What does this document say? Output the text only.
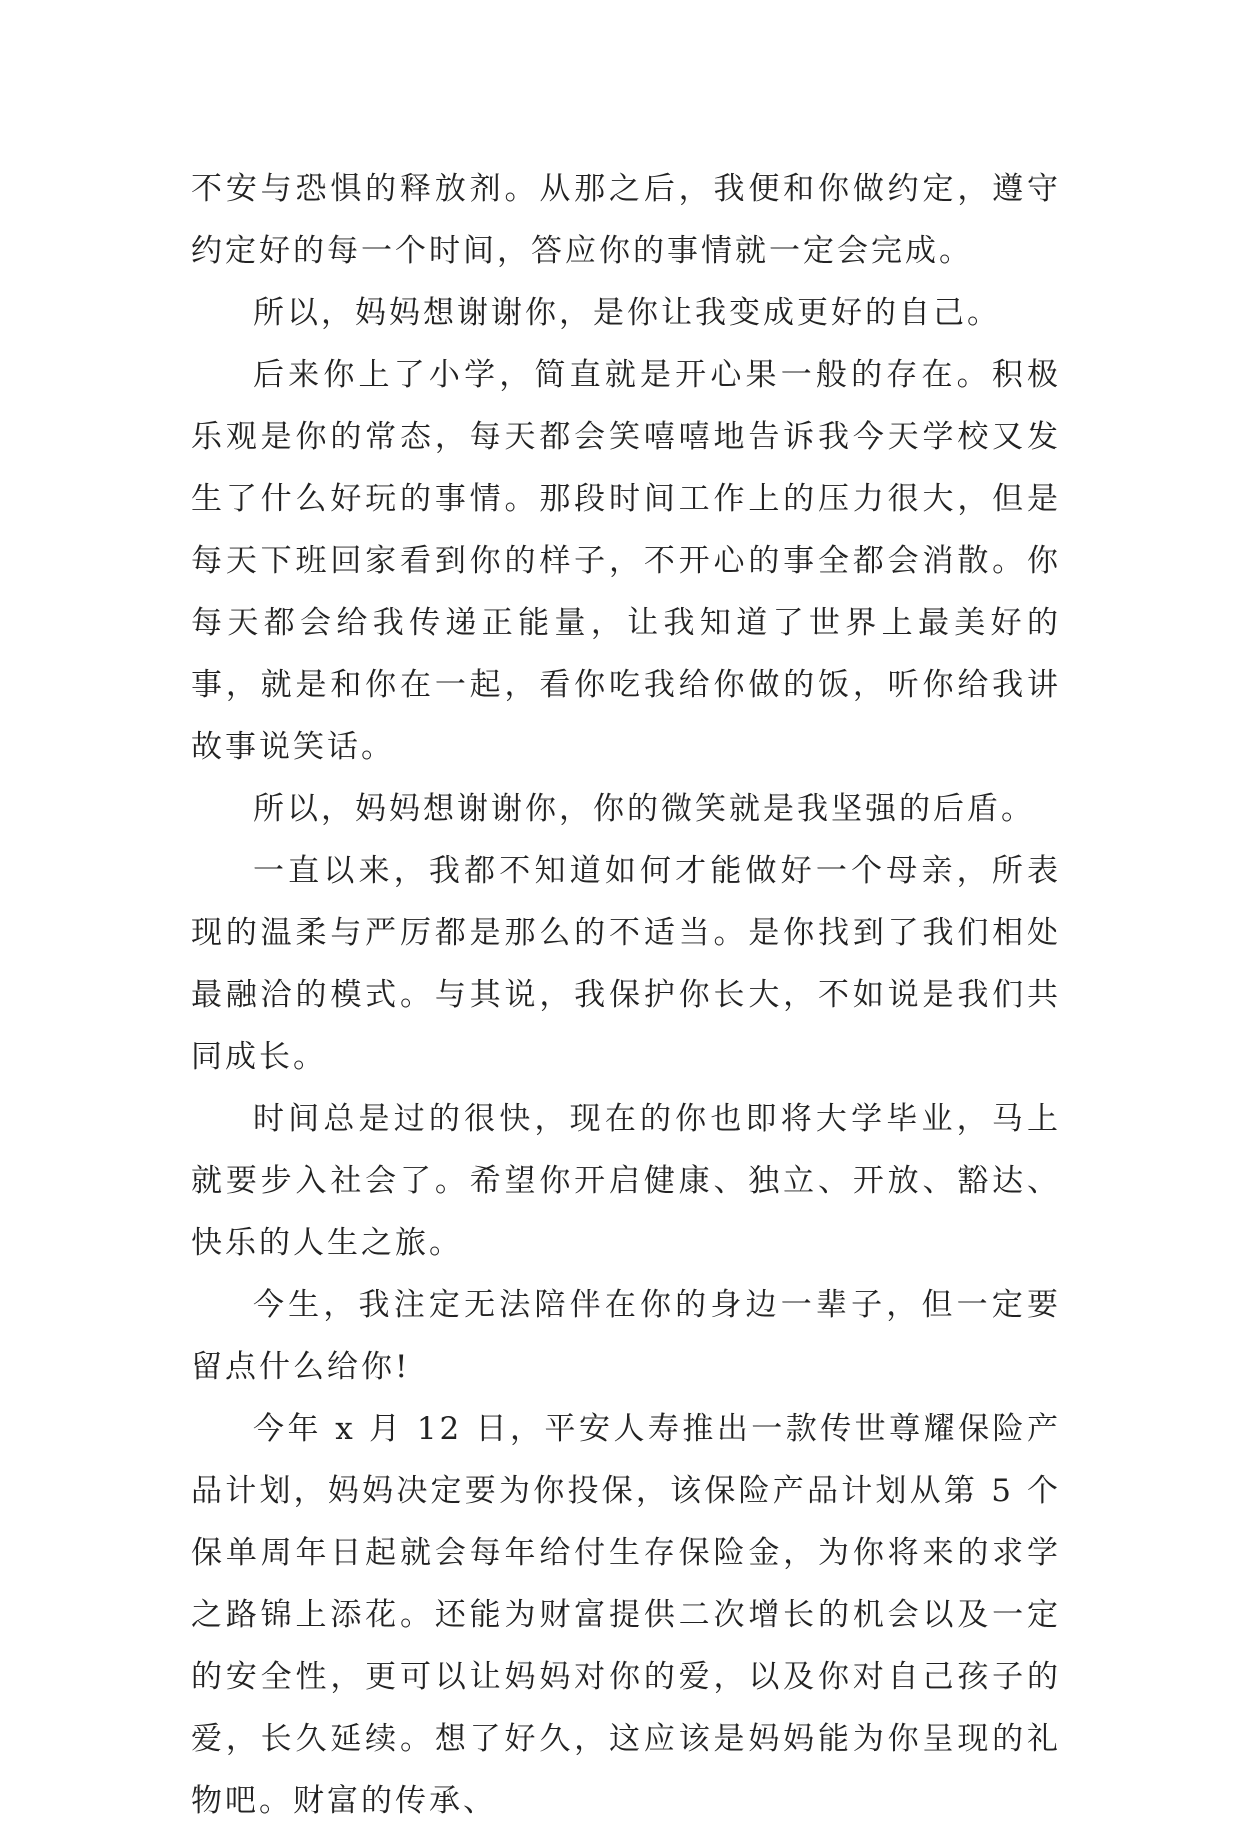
不安与恐惧的释放剂。从那之后，我便和你做约定，遵守约定好的每一个时间，答应你的事情就一定会完成。

所以，妈妈想谢谢你，是你让我变成更好的自己。

后来你上了小学，简直就是开心果一般的存在。积极乐观是你的常态，每天都会笑嘻嘻地告诉我今天学校又发生了什么好玩的事情。那段时间工作上的压力很大，但是每天下班回家看到你的样子，不开心的事全都会消散。你每天都会给我传递正能量，让我知道了世界上最美好的事，就是和你在一起，看你吃我给你做的饭，听你给我讲故事说笑话。

所以，妈妈想谢谢你，你的微笑就是我坚强的后盾。

一直以来，我都不知道如何才能做好一个母亲，所表现的温柔与严厉都是那么的不适当。是你找到了我们相处最融洽的模式。与其说，我保护你长大，不如说是我们共同成长。

时间总是过的很快，现在的你也即将大学毕业，马上就要步入社会了。希望你开启健康、独立、开放、豁达、快乐的人生之旅。

今生，我注定无法陪伴在你的身边一辈子，但一定要留点什么给你!

今年 x 月 12 日，平安人寿推出一款传世尊耀保险产品计划，妈妈决定要为你投保，该保险产品计划从第 5 个保单周年日起就会每年给付生存保险金，为你将来的求学之路锦上添花。还能为财富提供二次增长的机会以及一定的安全性，更可以让妈妈对你的爱，以及你对自己孩子的爱，长久延续。想了好久，这应该是妈妈能为你呈现的礼物吧。财富的传承、
